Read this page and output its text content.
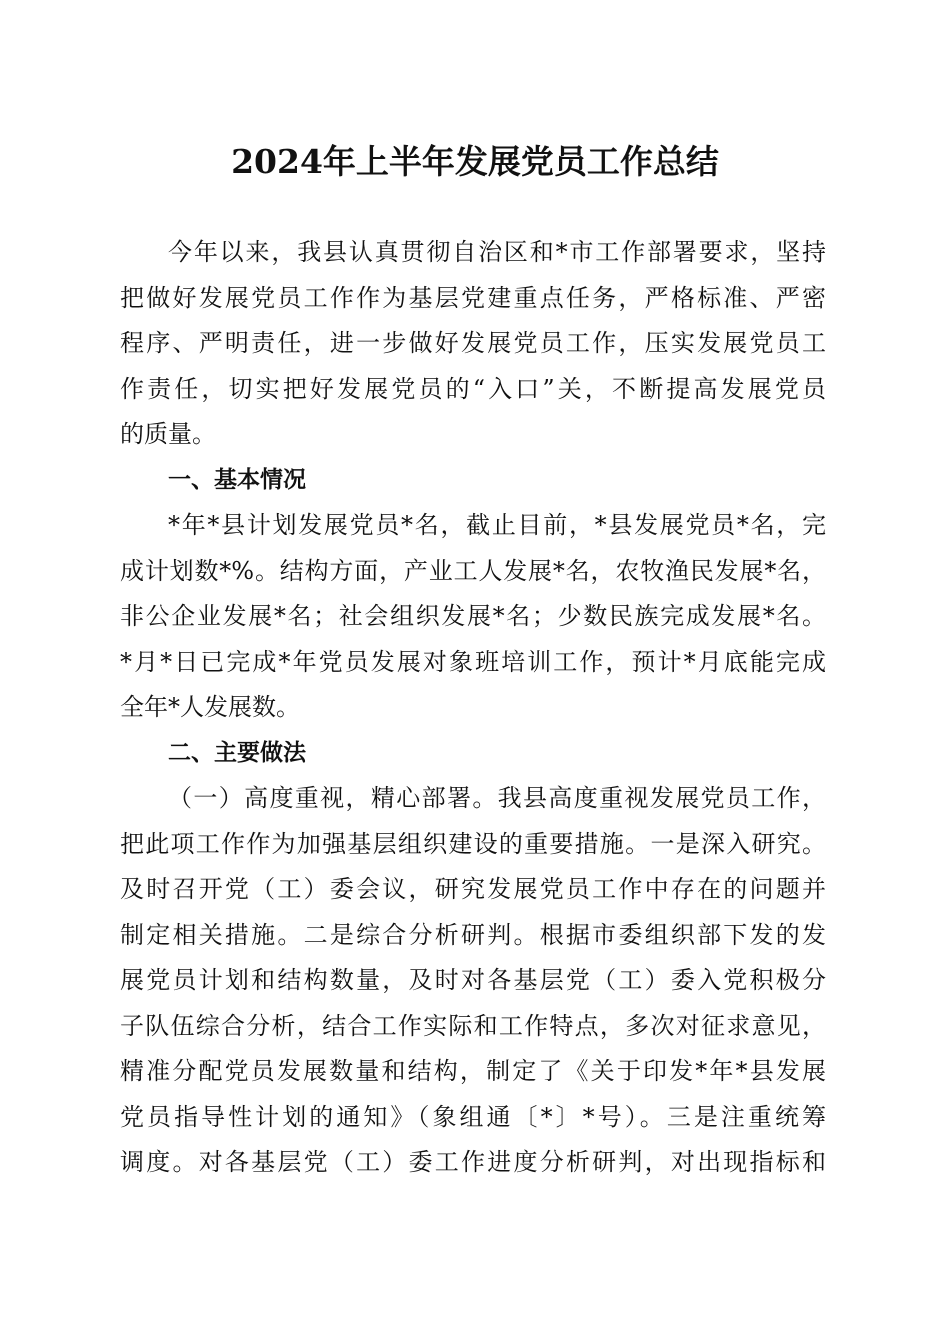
2024年上半年发展党员工作总结
今年以来，我县认真贯彻自治区和*市工作部署要求，坚持
把做好发展党员工作作为基层党建重点任务，严格标准、严密
程序、严明责任，进一步做好发展党员工作，压实发展党员工
作责任，切实把好发展党员的“入口”关，不断提高发展党员
的质量。
一、基本情况
*年*县计划发展党员*名，截止目前，*县发展党员*名，完
成计划数*%。结构方面，产业工人发展*名，农牧渔民发展*名，
非公企业发展*名；社会组织发展*名；少数民族完成发展*名。
*月*日已完成*年党员发展对象班培训工作，预计*月底能完成
全年*人发展数。
二、主要做法
（一）高度重视，精心部署。我县高度重视发展党员工作，
把此项工作作为加强基层组织建设的重要措施。一是深入研究。
及时召开党（工）委会议，研究发展党员工作中存在的问题并
制定相关措施。二是综合分析研判。根据市委组织部下发的发
展党员计划和结构数量，及时对各基层党（工）委入党积极分
子队伍综合分析，结合工作实际和工作特点，多次对征求意见，
精准分配党员发展数量和结构，制定了《关于印发*年*县发展
党员指导性计划的通知》（象组通〔*〕*号）。三是注重统筹
调度。对各基层党（工）委工作进度分析研判，对出现指标和
